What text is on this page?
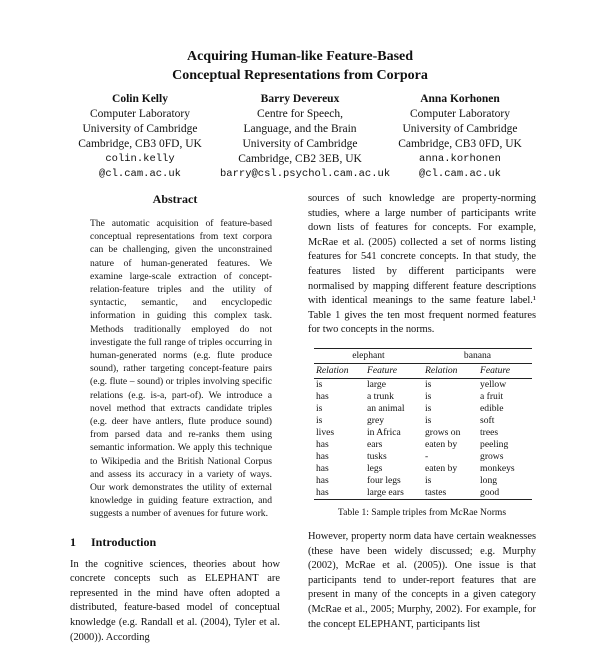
Acquiring Human-like Feature-Based
Conceptual Representations from Corpora
Colin Kelly
Computer Laboratory
University of Cambridge
Cambridge, CB3 0FD, UK
colin.kelly
@cl.cam.ac.uk
Barry Devereux
Centre for Speech,
Language, and the Brain
University of Cambridge
Cambridge, CB2 3EB, UK
barry@csl.psychol.cam.ac.uk
Anna Korhonen
Computer Laboratory
University of Cambridge
Cambridge, CB3 0FD, UK
anna.korhonen
@cl.cam.ac.uk
Abstract

The automatic acquisition of feature-based conceptual representations from text corpora can be challenging, given the unconstrained nature of human-generated features. We examine large-scale extraction of concept-relation-feature triples and the utility of syntactic, semantic, and encyclopedic information in guiding this complex task. Methods traditionally employed do not investigate the full range of triples occurring in human-generated norms (e.g. flute produce sound), rather targeting concept-feature pairs (e.g. flute – sound) or triples involving specific relations (e.g. is-a, part-of). We introduce a novel method that extracts candidate triples (e.g. deer have antlers, flute produce sound) from parsed data and re-ranks them using semantic information. We apply this technique to Wikipedia and the British National Corpus and assess its accuracy in a variety of ways. Our work demonstrates the utility of external knowledge in guiding feature extraction, and suggests a number of avenues for future work.

1 Introduction

In the cognitive sciences, theories about how concrete concepts such as ELEPHANT are represented in the mind have often adopted a distributed, feature-based model of conceptual knowledge (e.g. Randall et al. (2004), Tyler et al. (2000)). According

sources of such knowledge are property-norming studies, where a large number of participants write down lists of features for concepts. For example, McRae et al. (2005) collected a set of norms listing features for 541 concrete concepts. In that study, the features listed by different participants were normalised by mapping different feature descriptions with identical meanings to the same feature label.¹ Table 1 gives the ten most frequent normed features for two concepts in the norms.

elephant		banana	
Relation	Feature	Relation	Feature
is	large	is	yellow
has	a trunk	is	a fruit
is	an animal	is	edible
is	grey	is	soft
lives	in Africa	grows on	trees
has	ears	eaten by	peeling
has	tusks	-	grows
has	legs	eaten by	monkeys
has	four legs	is	long
has	large ears	tastes	good
Table 1: Sample triples from McRae Norms

However, property norm data have certain weaknesses (these have been widely discussed; e.g. Murphy (2002), McRae et al. (2005)). One issue is that participants tend to under-report features that are present in many of the concepts in a given category (McRae et al., 2005; Murphy, 2002). For example, for the concept ELEPHANT, participants list
